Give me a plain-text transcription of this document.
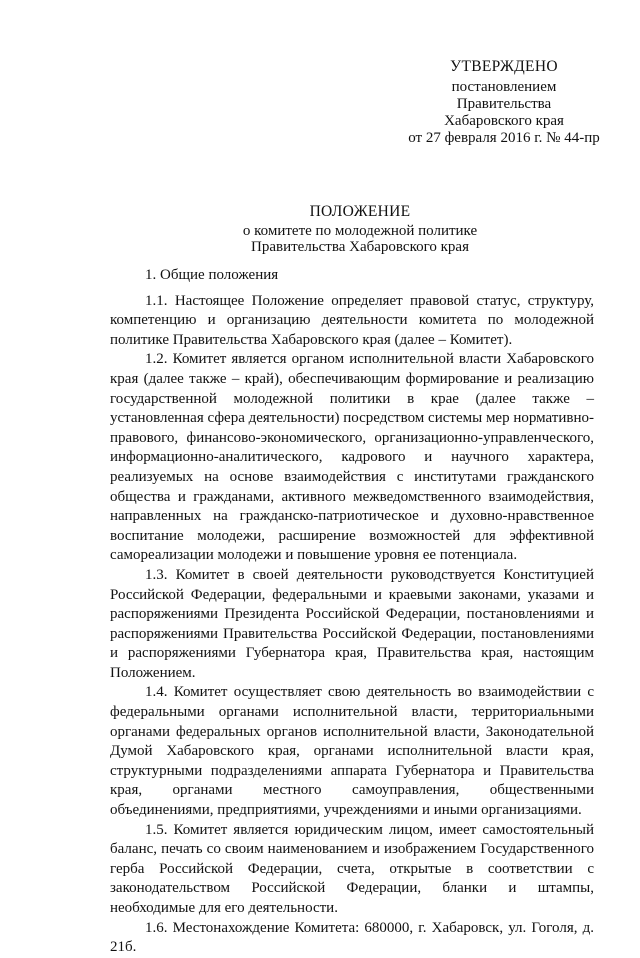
УТВЕРЖДЕНО
постановлением
Правительства
Хабаровского края
от 27 февраля 2016 г. № 44-пр
ПОЛОЖЕНИЕ
о комитете по молодежной политике
Правительства Хабаровского края

1. Общие положения

1.1. Настоящее Положение определяет правовой статус, структуру, компетенцию и организацию деятельности комитета по молодежной политике Правительства Хабаровского края (далее – Комитет).

1.2. Комитет является органом исполнительной власти Хабаровского края (далее также – край), обеспечивающим формирование и реализацию государственной молодежной политики в крае (далее также – установленная сфера деятельности) посредством системы мер нормативно-правового, финансово-экономического, организационно-управленческого, информационно-аналитического, кадрового и научного характера, реализуемых на основе взаимодействия с институтами гражданского общества и гражданами, активного межведомственного взаимодействия, направленных на гражданско-патриотическое и духовно-нравственное воспитание молодежи, расширение возможностей для эффективной самореализации молодежи и повышение уровня ее потенциала.

1.3. Комитет в своей деятельности руководствуется Конституцией Российской Федерации, федеральными и краевыми законами, указами и распоряжениями Президента Российской Федерации, постановлениями и распоряжениями Правительства Российской Федерации, постановлениями и распоряжениями Губернатора края, Правительства края, настоящим Положением.

1.4. Комитет осуществляет свою деятельность во взаимодействии с федеральными органами исполнительной власти, территориальными органами федеральных органов исполнительной власти, Законодательной Думой Хабаровского края, органами исполнительной власти края, структурными подразделениями аппарата Губернатора и Правительства края, органами местного самоуправления, общественными объединениями, предприятиями, учреждениями и иными организациями.

1.5. Комитет является юридическим лицом, имеет самостоятельный баланс, печать со своим наименованием и изображением Государственного герба Российской Федерации, счета, открытые в соответствии с законодательством Российской Федерации, бланки и штампы, необходимые для его деятельности.

1.6. Местонахождение Комитета: 680000, г. Хабаровск, ул. Гоголя, д. 21б.
